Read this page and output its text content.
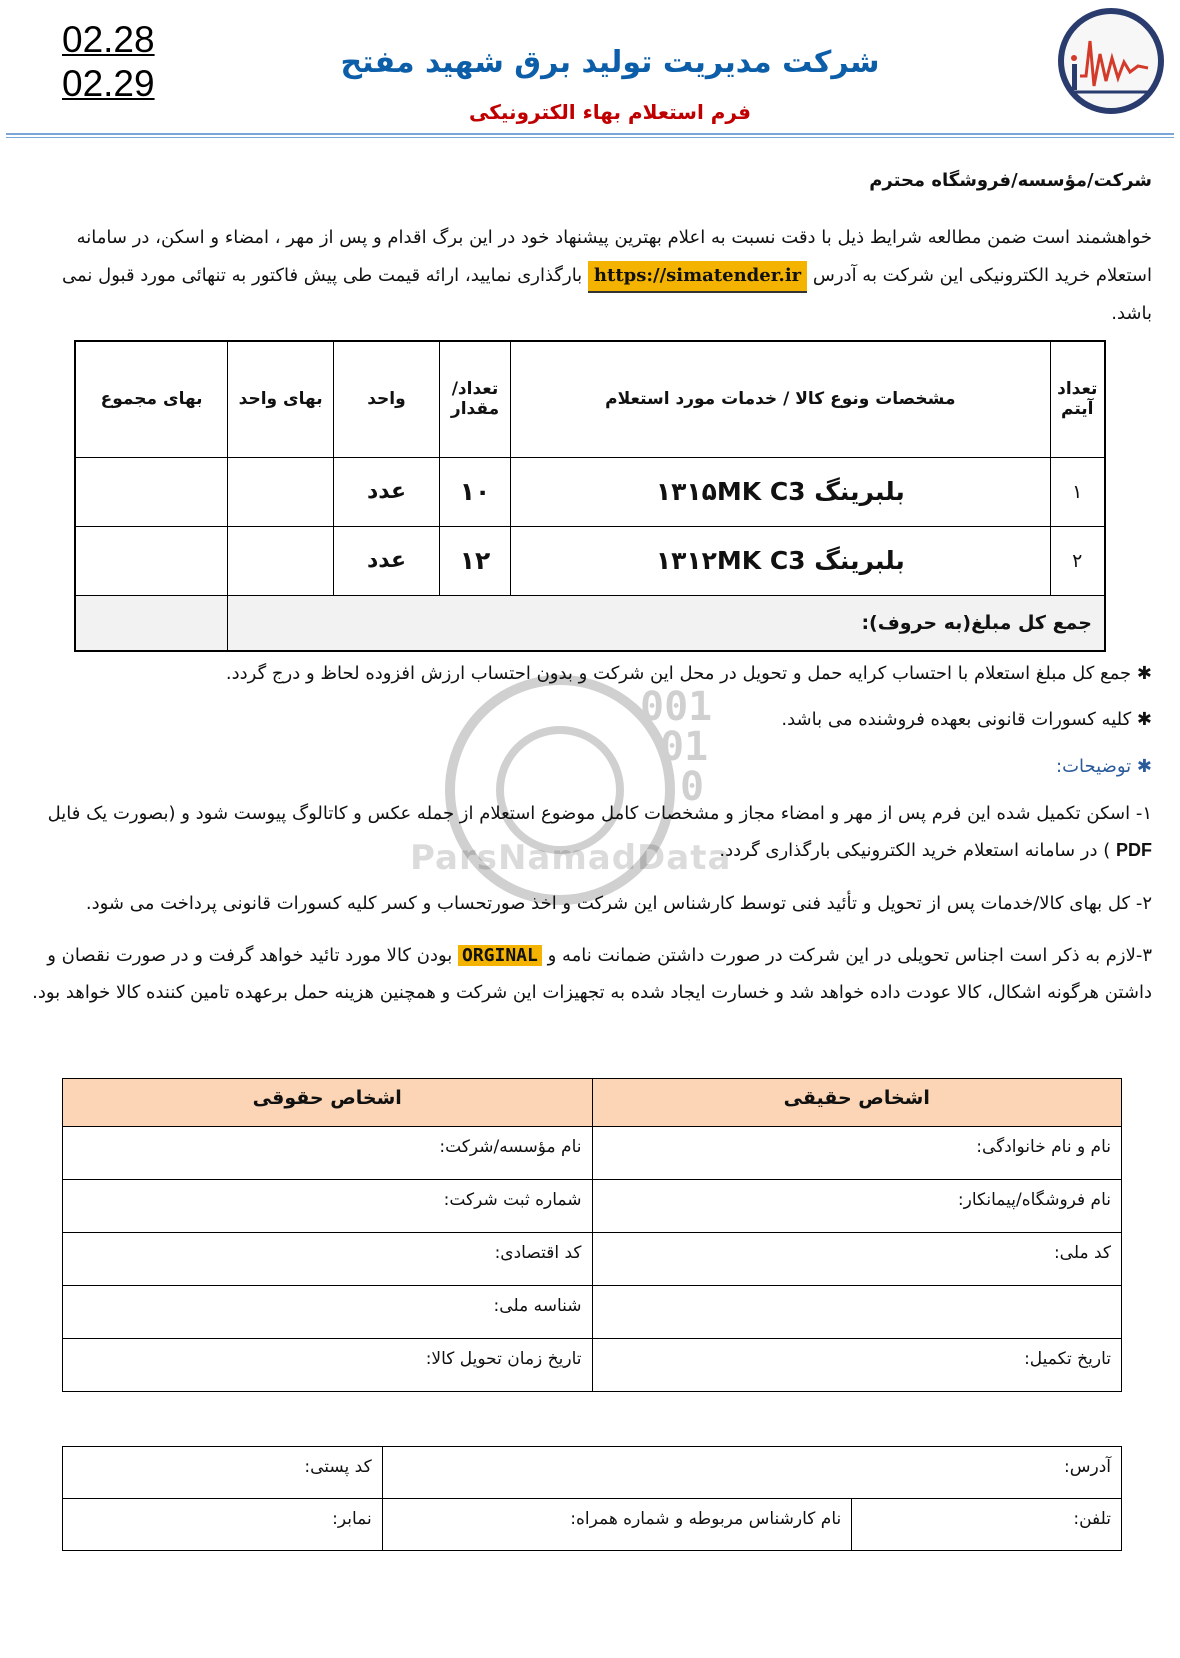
001
01
0
ParsNamadData
02.28
02.29
شرکت مدیریت تولید برق شهید مفتح
فرم استعلام بهاء الکترونیکی
شرکت/مؤسسه/فروشگاه محترم
خواهشمند است ضمن مطالعه شرایط ذیل با دقت نسبت به اعلام بهترین پیشنهاد خود در این برگ اقدام و پس از مهر ، امضاء و اسکن، در سامانه استعلام خرید الکترونیکی این شرکت به آدرس https://simatender.ir بارگذاری نمایید، ارائه قیمت طی پیش فاکتور به تنهائی مورد قبول نمی باشد.
تعداد آیتم	مشخصات ونوع کالا / خدمات مورد استعلام	تعداد/ مقدار	واحد	بهای واحد	بهای مجموع
۱	بلبرینگ ۱۳۱۵MK C3	۱۰	عدد		
۲	بلبرینگ ۱۳۱۲MK C3	۱۲	عدد		
جمع کل مبلغ(به حروف):					
✱ جمع کل مبلغ استعلام با احتساب کرایه حمل و تحویل در محل این شرکت و بدون احتساب ارزش افزوده لحاظ و درج گردد.
✱ کلیه کسورات قانونی بعهده فروشنده می باشد.
✱ توضیحات:
۱- اسکن تکمیل شده این فرم پس از مهر و امضاء مجاز و مشخصات کامل موضوع استعلام از جمله عکس و کاتالوگ پیوست شود و (بصورت یک فایل PDF ) در سامانه استعلام خرید الکترونیکی بارگذاری گردد.
۲- کل بهای کالا/خدمات پس از تحویل و تأئید فنی توسط کارشناس این شرکت و اخذ صورتحساب و کسر کلیه کسورات قانونی پرداخت می شود.
۳-لازم به ذکر است اجناس تحویلی در این شرکت در صورت داشتن ضمانت نامه و ORGINAL بودن کالا مورد تائید خواهد گرفت و در صورت نقصان و داشتن هرگونه اشکال، کالا عودت داده خواهد شد و خسارت ایجاد شده به تجهیزات این شرکت و همچنین هزینه حمل برعهده تامین کننده کالا خواهد بود.
اشخاص حقیقی	اشخاص حقوقی
نام و نام خانوادگی:	نام مؤسسه/شرکت:
نام فروشگاه/پیمانکار:	شماره ثبت شرکت:
کد ملی:	کد اقتصادی:
	شناسه ملی:
تاریخ تکمیل:	تاریخ زمان تحویل کالا:
آدرس:		کد پستی:
تلفن:	نام کارشناس مربوطه و شماره همراه:	نمابر:
